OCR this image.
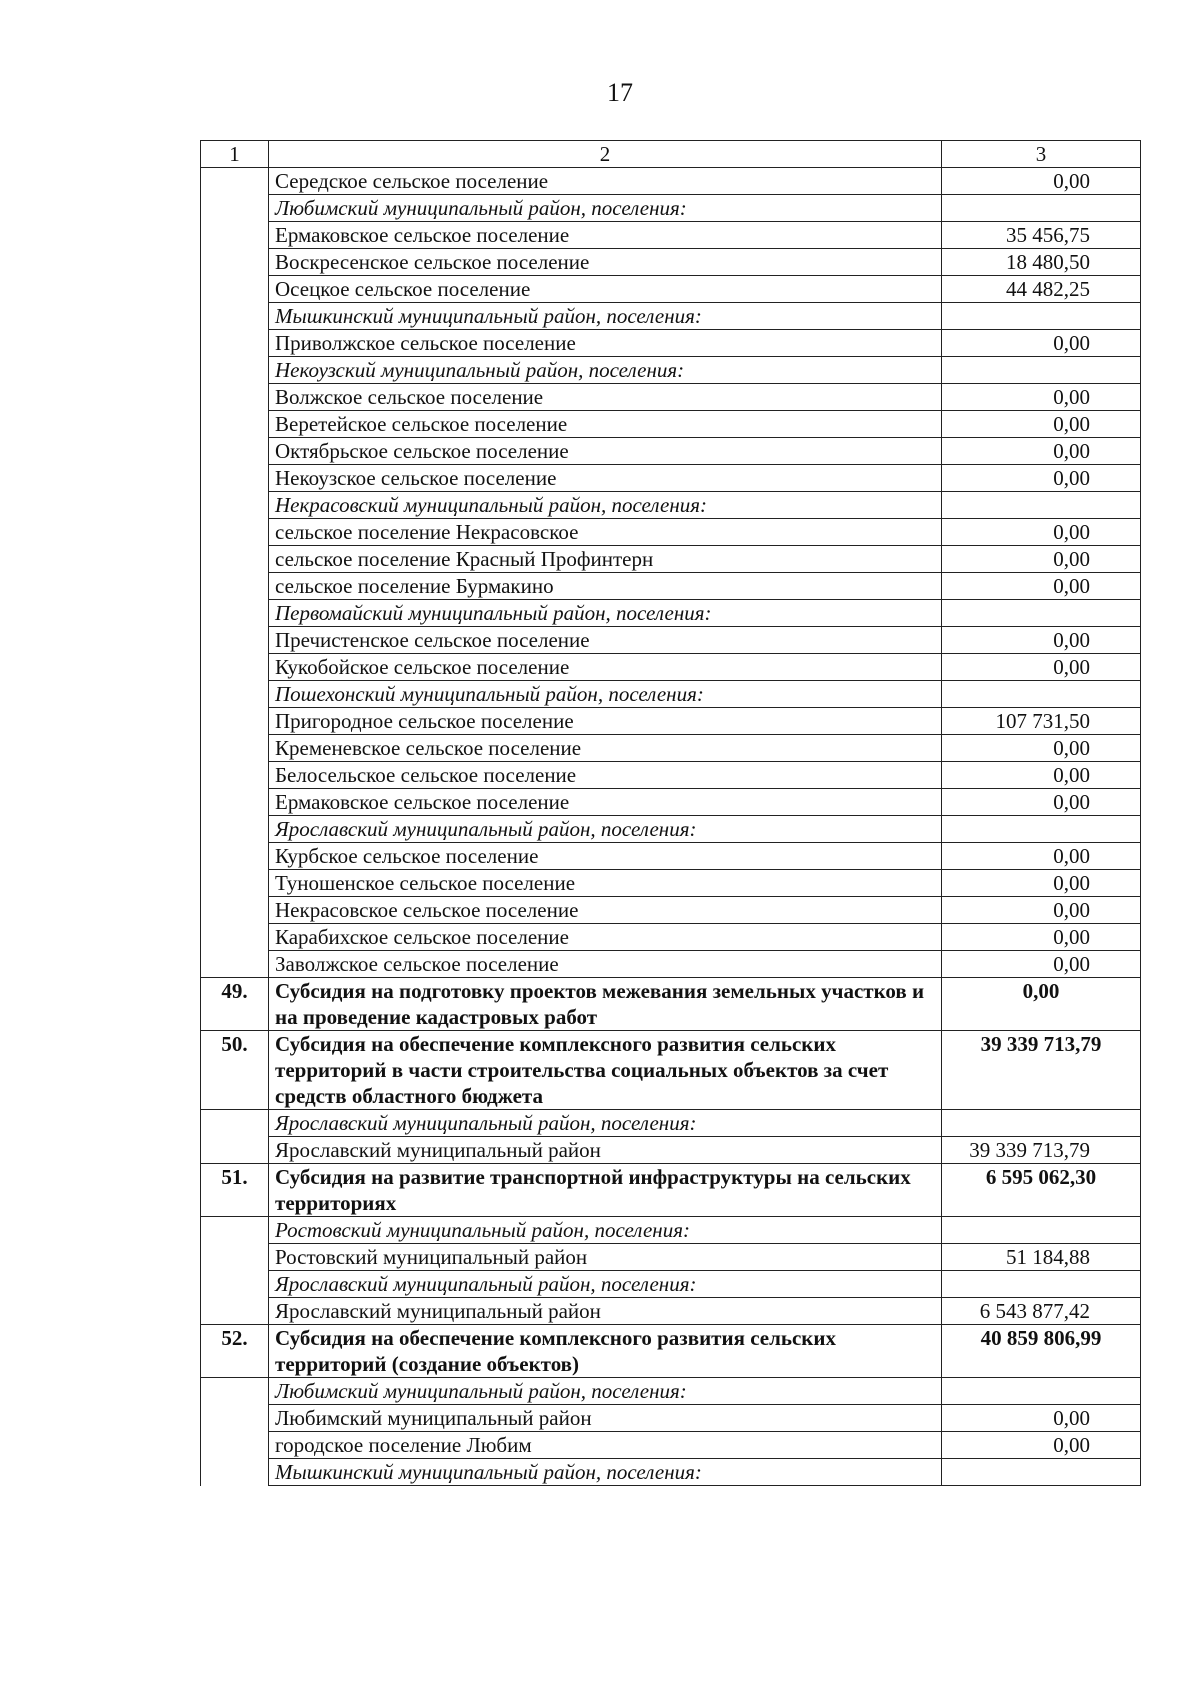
17
1	2	3
	Середское сельское поселение	0,00
	Любимский муниципальный район, поселения:	
	Ермаковское сельское поселение	35 456,75
	Воскресенское сельское поселение	18 480,50
	Осецкое сельское поселение	44 482,25
	Мышкинский муниципальный район, поселения:	
	Приволжское сельское поселение	0,00
	Некоузский муниципальный район, поселения:	
	Волжское сельское поселение	0,00
	Веретейское сельское поселение	0,00
	Октябрьское сельское поселение	0,00
	Некоузское сельское поселение	0,00
	Некрасовский муниципальный район, поселения:	
	сельское поселение Некрасовское	0,00
	сельское поселение Красный Профинтерн	0,00
	сельское поселение Бурмакино	0,00
	Первомайский муниципальный район, поселения:	
	Пречистенское сельское поселение	0,00
	Кукобойское сельское поселение	0,00
	Пошехонский муниципальный район, поселения:	
	Пригородное сельское поселение	107 731,50
	Кременевское сельское поселение	0,00
	Белосельское сельское поселение	0,00
	Ермаковское сельское поселение	0,00
	Ярославский муниципальный район, поселения:	
	Курбское сельское поселение	0,00
	Туношенское сельское поселение	0,00
	Некрасовское сельское поселение	0,00
	Карабихское сельское поселение	0,00
	Заволжское сельское поселение	0,00
49.	Субсидия на подготовку проектов межевания земельных участков и на проведение кадастровых работ	0,00
50.	Субсидия на обеспечение комплексного развития сельских территорий в части строительства социальных объектов за счет средств областного бюджета	39 339 713,79
	Ярославский муниципальный район, поселения:	
	Ярославский муниципальный район	39 339 713,79
51.	Субсидия на развитие транспортной инфраструктуры на сельских территориях	6 595 062,30
	Ростовский муниципальный район, поселения:	
	Ростовский муниципальный район	51 184,88
	Ярославский муниципальный район, поселения:	
	Ярославский муниципальный район	6 543 877,42
52.	Субсидия на обеспечение комплексного развития сельских территорий (создание объектов)	40 859 806,99
	Любимский муниципальный район, поселения:	
	Любимский муниципальный район	0,00
	городское поселение Любим	0,00
	Мышкинский муниципальный район, поселения:	
